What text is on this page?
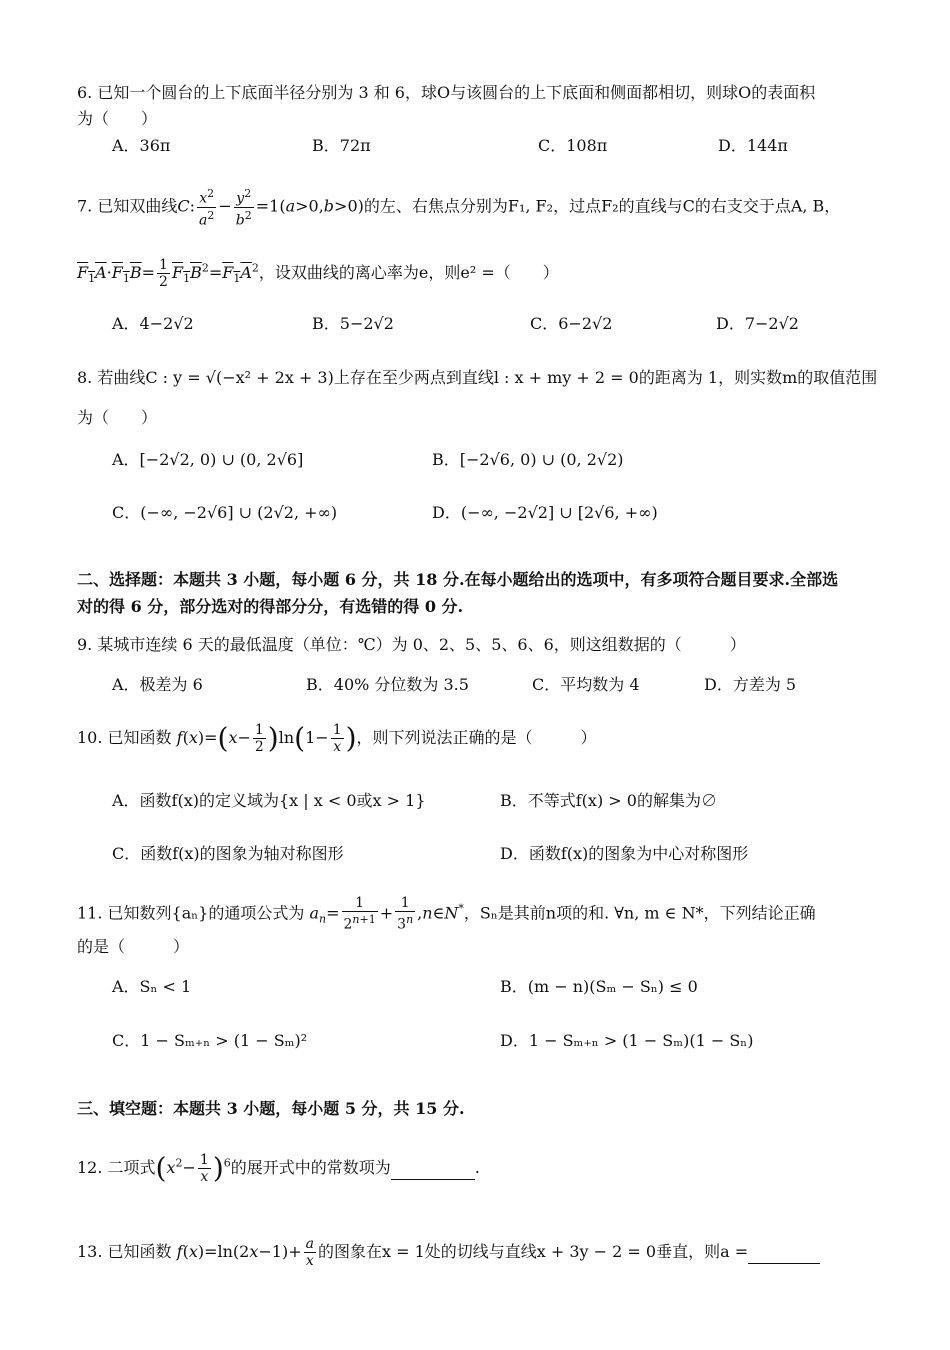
6. 已知一个圆台的上下底面半径分别为 3 和 6，球O与该圆台的上下底面和侧面都相切，则球O的表面积
为（　　）
A．36π	B．72π	C．108π	D．144π
7. 已知双曲线C: $\frac{x^2}{a^2} - \frac{y^2}{b^2} =1(a>0,b>0)$的左、右焦点分别为F₁, F₂，过点F₂的直线与C的右支交于点A, B，
$F_1A\cdot F_1B= \frac{1}{2} F_1B^2=F_1A^2$，设双曲线的离心率为e，则e² =（　　）
A．4−2√2	B．5−2√2	C．6−2√2	D．7−2√2
8. 若曲线C : y = √(−x² + 2x + 3)上存在至少两点到直线l : x + my + 2 = 0的距离为 1，则实数m的取值范围
为（　　）
A．[−2√2, 0) ∪ (0, 2√6]	B．[−2√6, 0) ∪ (0, 2√2)
C．(−∞, −2√6] ∪ (2√2, +∞)	D．(−∞, −2√2] ∪ [2√6, +∞)
二、选择题：本题共 3 小题，每小题 6 分，共 18 分.在每小题给出的选项中，有多项符合题目要求.全部选
对的得 6 分，部分选对的得部分分，有选错的得 0 分.
9. 某城市连续 6 天的最低温度（单位：℃）为 0、2、5、5、6、6，则这组数据的（　　　）
A．极差为 6	B．40% 分位数为 3.5	C．平均数为 4	D．方差为 5
10. 已知函数 $f(x)=(x- \frac{1}{2} )\ln(1- \frac{1}{x}$ )，则下列说法正确的是（　　　）
A．函数f(x)的定义域为{x | x < 0或x > 1}	B．不等式f(x) > 0的解集为∅
C．函数f(x)的图象为轴对称图形	D．函数f(x)的图象为中心对称图形
11. 已知数列{aₙ}的通项公式为 $a_n= \frac{1}{2^{n+1}} + \frac{1}{3^n}$ ,n∈N*，Sₙ是其前n项的和. ∀n, m ∈ N*，下列结论正确
的是（　　　）
A．Sₙ < 1	B．(m − n)(Sₘ − Sₙ) ≤ 0
C．1 − Sₘ₊ₙ > (1 − Sₘ)²	D．1 − Sₘ₊ₙ > (1 − Sₘ)(1 − Sₙ)
三、填空题：本题共 3 小题，每小题 5 分，共 15 分.
12. 二项式$(x^2- \frac{1}{x} )^6$的展开式中的常数项为	.
13. 已知函数 $f(x)=\ln(2x-1)+ \frac{a}{x}$ 的图象在x = 1处的切线与直线x + 3y − 2 = 0垂直，则a =
